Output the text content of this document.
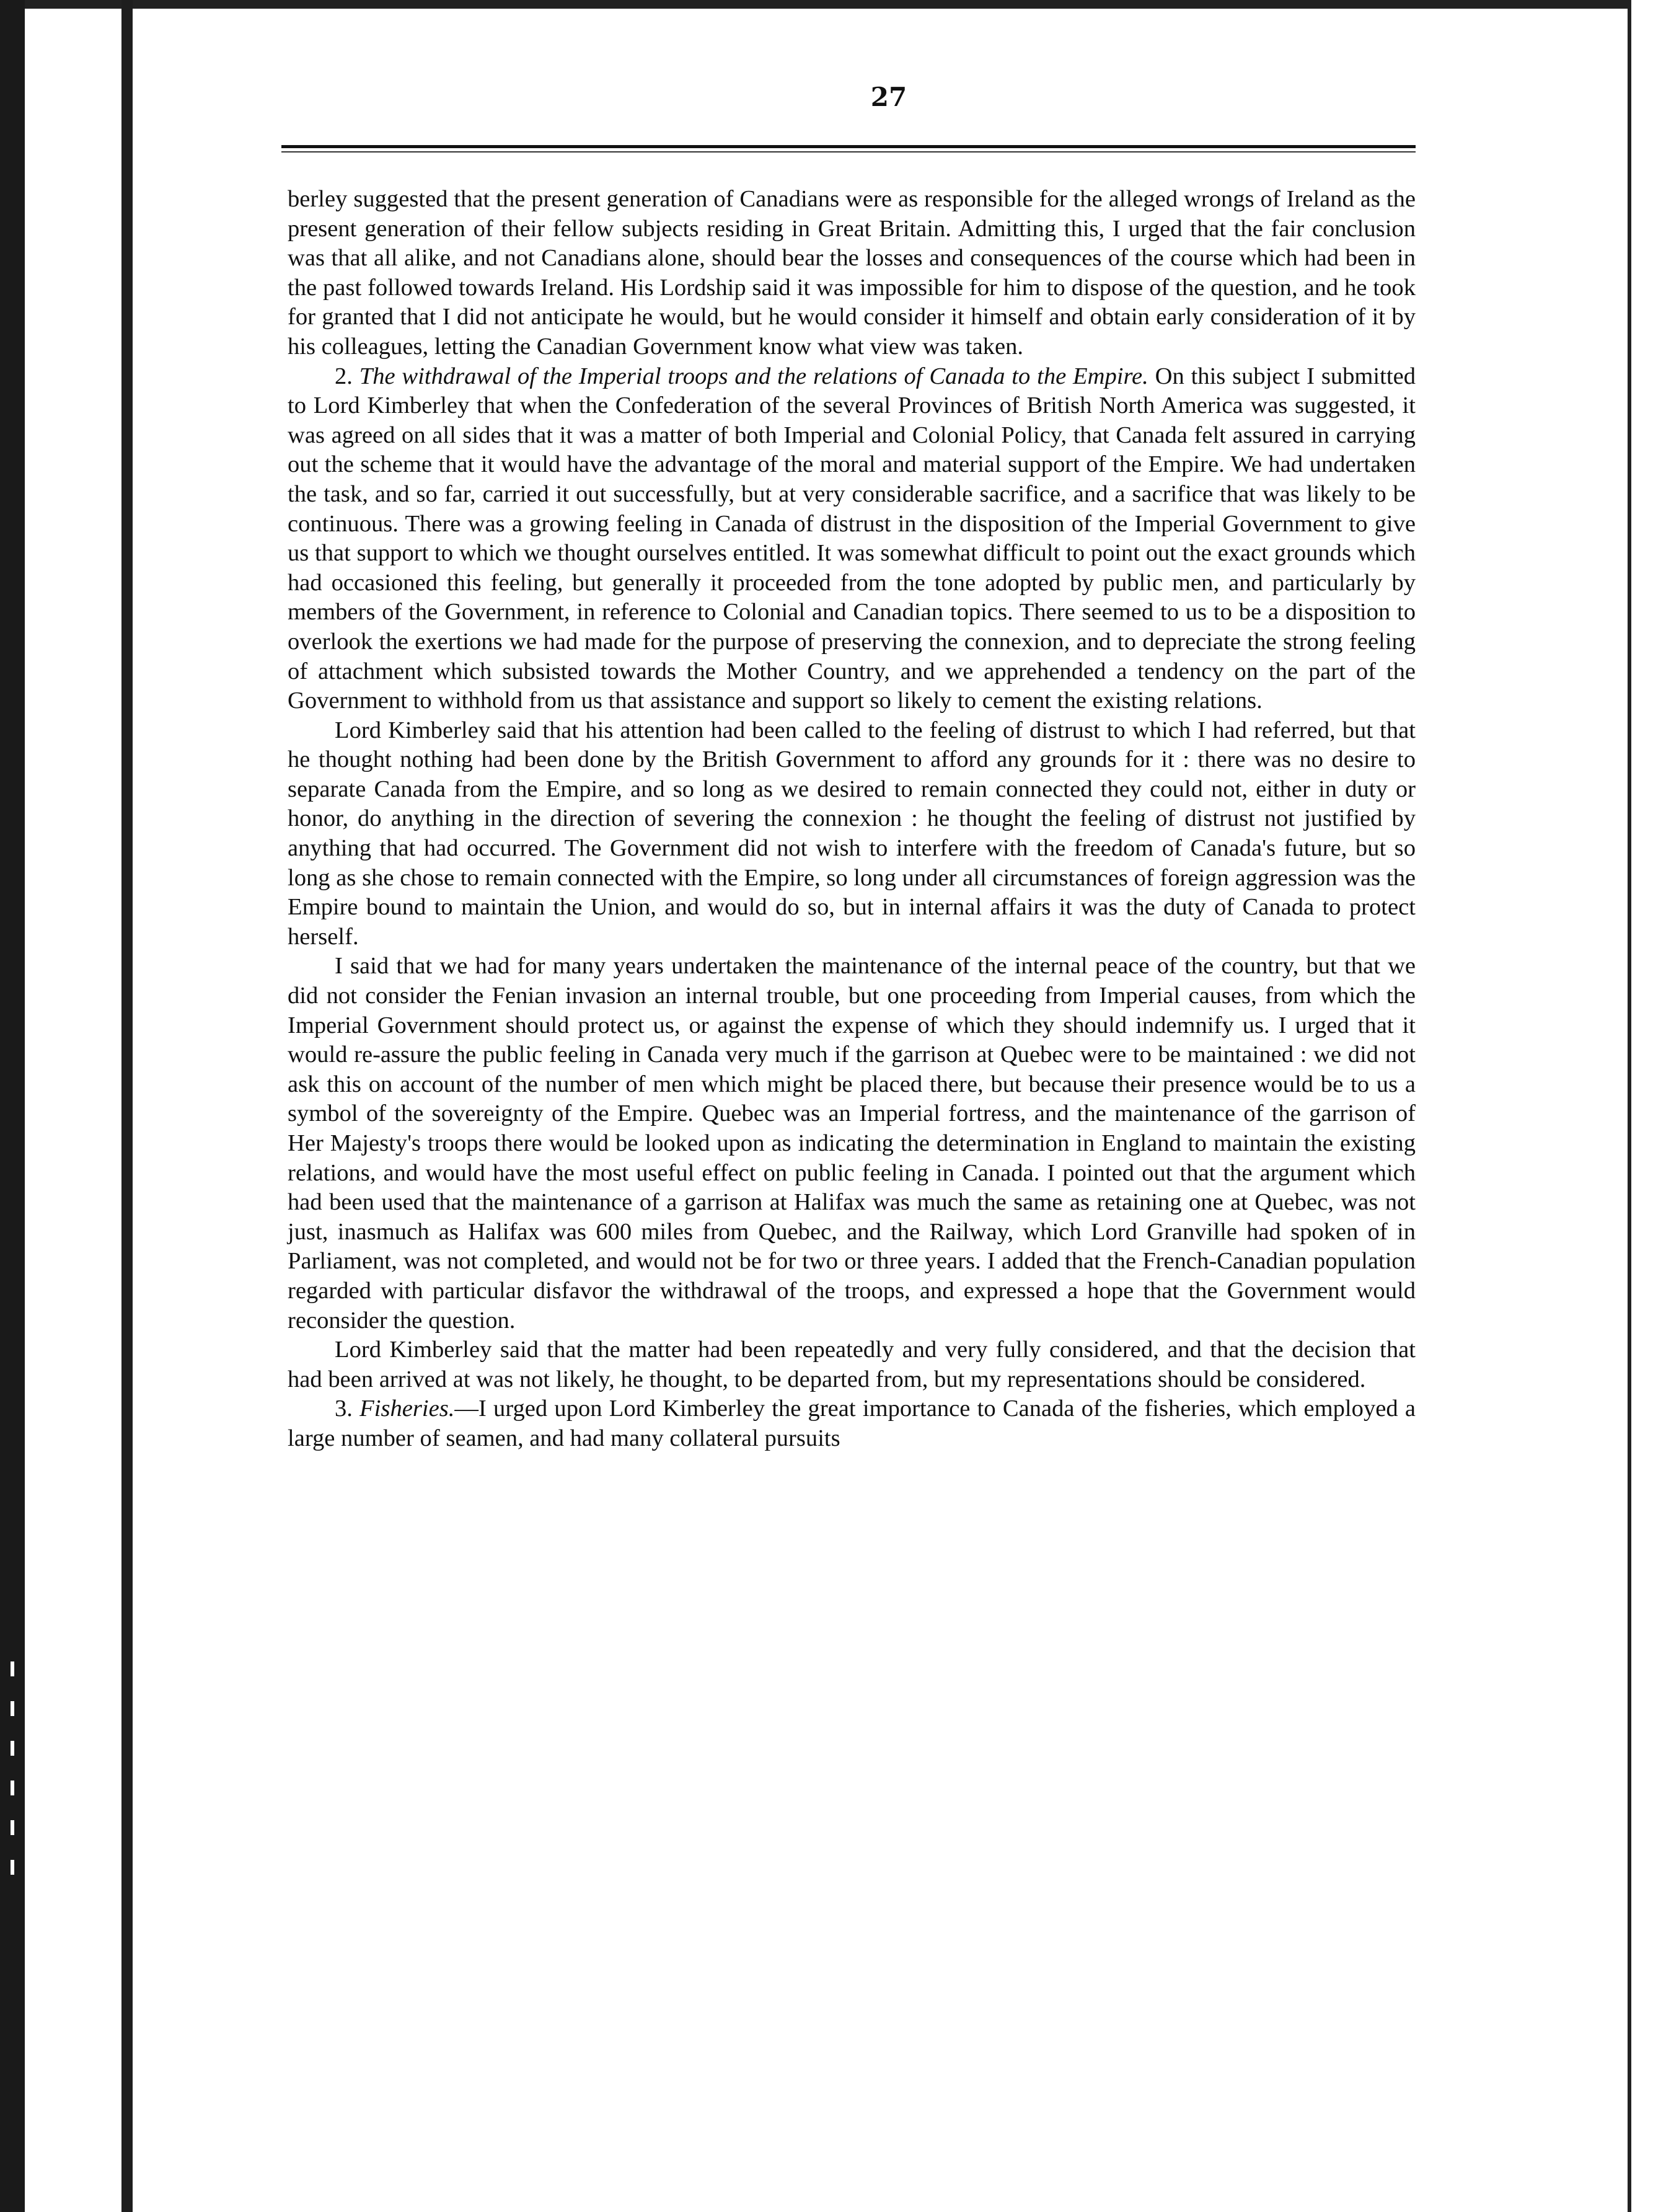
27

berley suggested that the present generation of Canadians were as responsible for the alleged wrongs of Ireland as the present generation of their fellow subjects residing in Great Britain. Admitting this, I urged that the fair conclusion was that all alike, and not Canadians alone, should bear the losses and consequences of the course which had been in the past followed towards Ireland. His Lordship said it was impossible for him to dispose of the question, and he took for granted that I did not anticipate he would, but he would consider it himself and obtain early consideration of it by his colleagues, letting the Canadian Government know what view was taken.

2. The withdrawal of the Imperial troops and the relations of Canada to the Empire. On this subject I submitted to Lord Kimberley that when the Confederation of the several Provinces of British North America was suggested, it was agreed on all sides that it was a matter of both Imperial and Colonial Policy, that Canada felt assured in carrying out the scheme that it would have the advantage of the moral and material support of the Empire. We had undertaken the task, and so far, carried it out successfully, but at very considerable sacrifice, and a sacrifice that was likely to be continuous. There was a growing feeling in Canada of distrust in the disposition of the Imperial Government to give us that support to which we thought ourselves entitled. It was somewhat difficult to point out the exact grounds which had occasioned this feeling, but generally it proceeded from the tone adopted by public men, and particularly by members of the Government, in reference to Colonial and Canadian topics. There seemed to us to be a disposition to overlook the exertions we had made for the purpose of preserving the connexion, and to depreciate the strong feeling of attachment which subsisted towards the Mother Country, and we apprehended a tendency on the part of the Government to withhold from us that assistance and support so likely to cement the existing relations.

Lord Kimberley said that his attention had been called to the feeling of distrust to which I had referred, but that he thought nothing had been done by the British Government to afford any grounds for it : there was no desire to separate Canada from the Empire, and so long as we desired to remain connected they could not, either in duty or honor, do anything in the direction of severing the connexion : he thought the feeling of distrust not justified by anything that had occurred. The Government did not wish to interfere with the freedom of Canada's future, but so long as she chose to remain connected with the Empire, so long under all circumstances of foreign aggression was the Empire bound to maintain the Union, and would do so, but in internal affairs it was the duty of Canada to protect herself.

I said that we had for many years undertaken the maintenance of the internal peace of the country, but that we did not consider the Fenian invasion an internal trouble, but one proceeding from Imperial causes, from which the Imperial Government should protect us, or against the expense of which they should indemnify us. I urged that it would re-assure the public feeling in Canada very much if the garrison at Quebec were to be maintained : we did not ask this on account of the number of men which might be placed there, but because their presence would be to us a symbol of the sovereignty of the Empire. Quebec was an Imperial fortress, and the maintenance of the garrison of Her Majesty's troops there would be looked upon as indicating the determination in England to maintain the existing relations, and would have the most useful effect on public feeling in Canada. I pointed out that the argument which had been used that the maintenance of a garrison at Halifax was much the same as retaining one at Quebec, was not just, inasmuch as Halifax was 600 miles from Quebec, and the Railway, which Lord Granville had spoken of in Parliament, was not completed, and would not be for two or three years. I added that the French-Canadian population regarded with particular disfavor the withdrawal of the troops, and expressed a hope that the Government would reconsider the question.

Lord Kimberley said that the matter had been repeatedly and very fully considered, and that the decision that had been arrived at was not likely, he thought, to be departed from, but my representations should be considered.

3. Fisheries.—I urged upon Lord Kimberley the great importance to Canada of the fisheries, which employed a large number of seamen, and had many collateral pursuits
